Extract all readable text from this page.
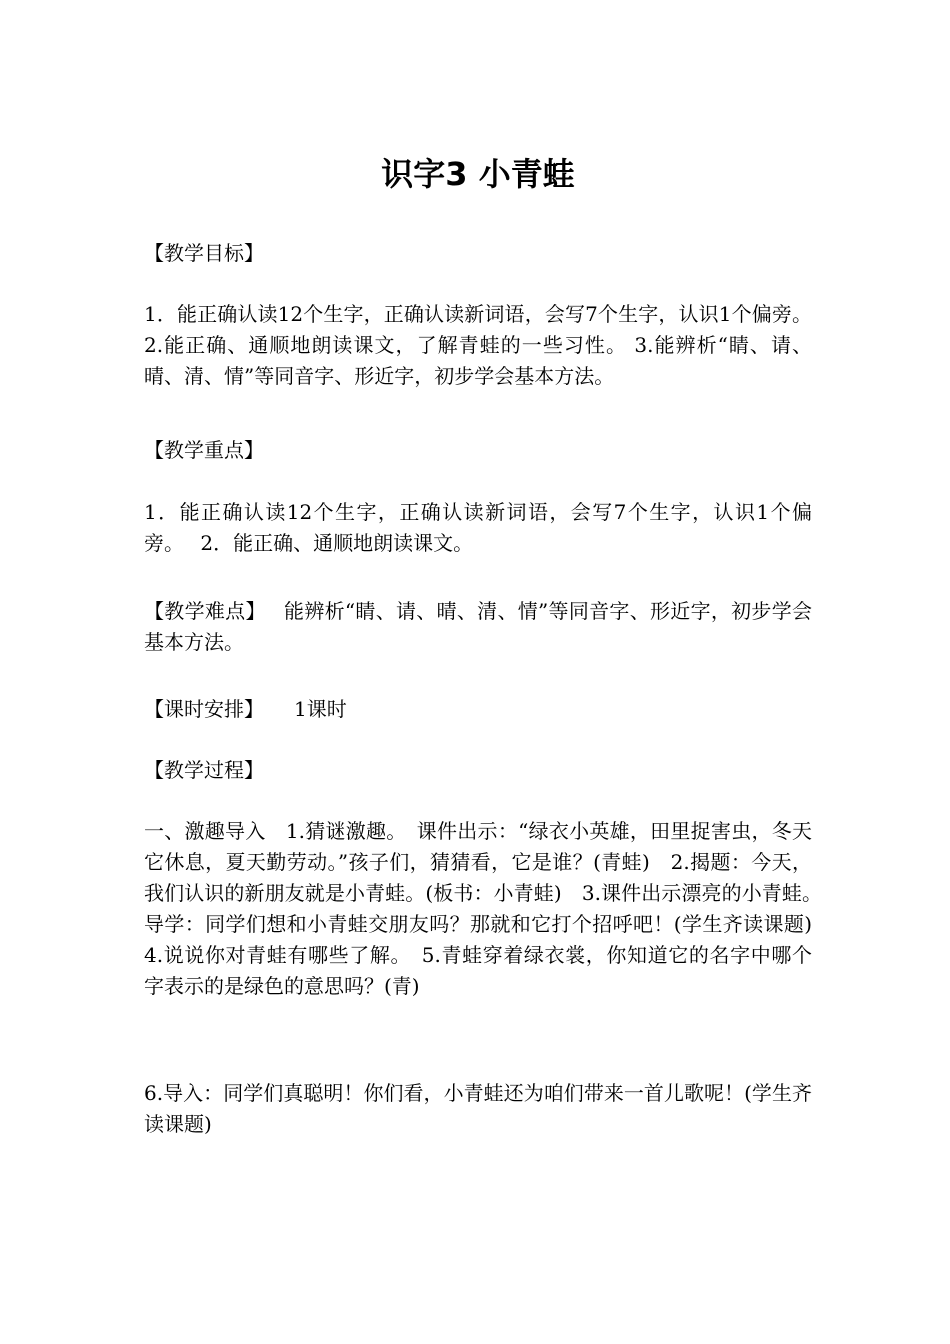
识字3 小青蛙

【教学目标】

1．能正确认读12个生字，正确认读新词语，会写7个生字，认识1个偏旁。 2.能正确、通顺地朗读课文，了解青蛙的一些习性。 3.能辨析“睛、请、晴、清、情”等同音字、形近字，初步学会基本方法。

【教学重点】

1．能正确认读12个生字，正确认读新词语，会写7个生字，认识1个偏　旁。　 2．能正确、通顺地朗读课文。

【教学难点】 能辨析“睛、请、晴、清、情”等同音字、形近字，初步学会基本方法。

【课时安排】 1课时

【教学过程】

一、激趣导入　1.猜谜激趣。　课件出示：“绿衣小英雄，田里捉害虫，冬天它休息，夏天勤劳动。”孩子们，猜猜看，它是谁？(青蛙)　2.揭题：今天，我们认识的新朋友就是小青蛙。(板书：小青蛙)　3.课件出示漂亮的小青蛙。　导学：同学们想和小青蛙交朋友吗？那就和它打个招呼吧！(学生齐读课题)　4.说说你对青蛙有哪些了解。　5.青蛙穿着绿衣裳，你知道它的名字中哪个字表示的是绿色的意思吗？(青)

6.导入：同学们真聪明！你们看，小青蛙还为咱们带来一首儿歌呢！(学生齐读课题)
